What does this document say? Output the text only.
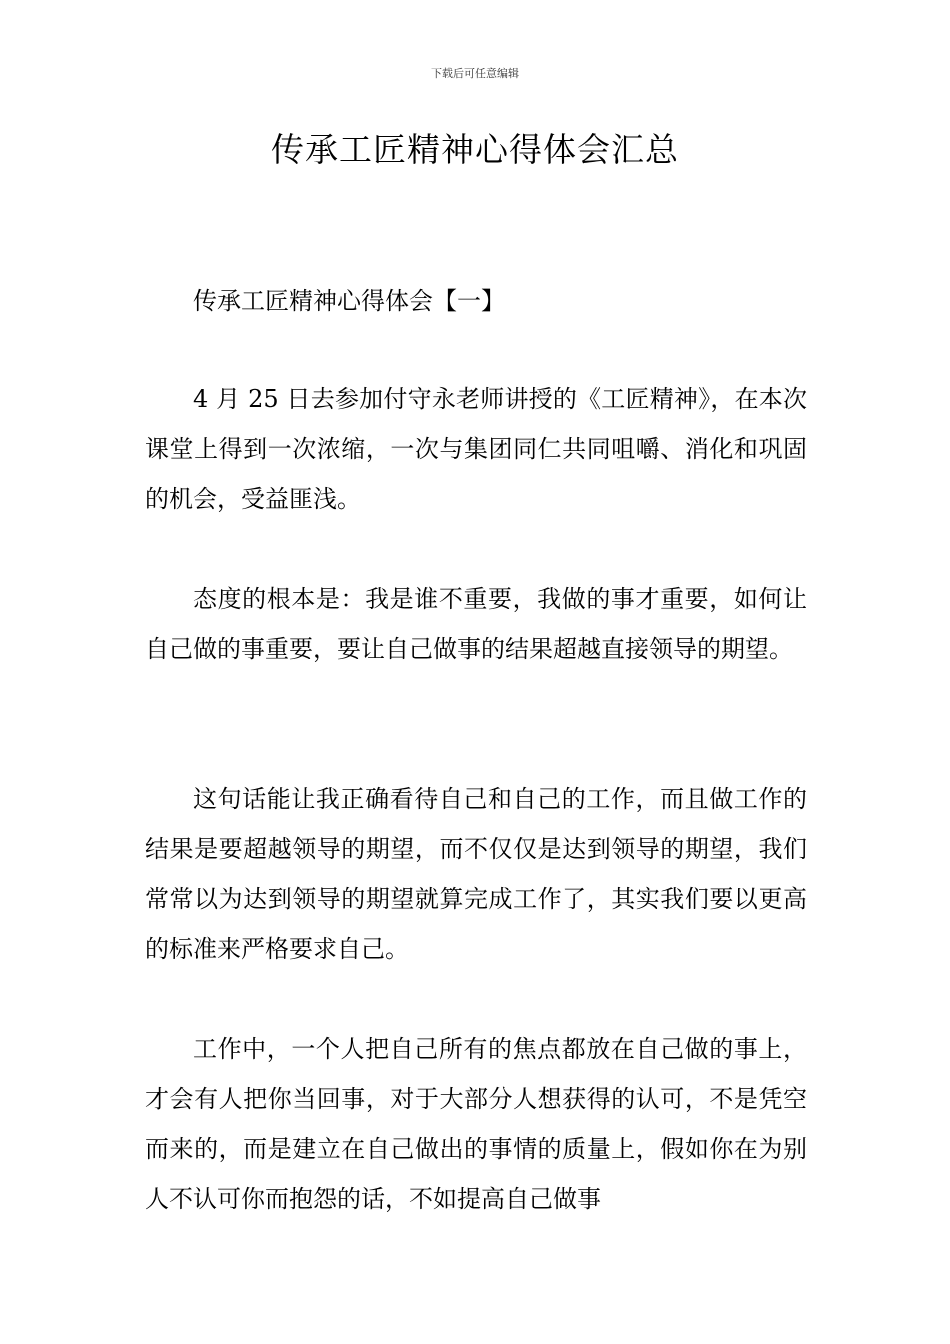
下载后可任意编辑
传承工匠精神心得体会汇总

传承工匠精神心得体会【一】

4 月 25 日去参加付守永老师讲授的《工匠精神》，在本次课堂上得到一次浓缩，一次与集团同仁共同咀嚼、消化和巩固的机会，受益匪浅。

态度的根本是：我是谁不重要，我做的事才重要，如何让自己做的事重要，要让自己做事的结果超越直接领导的期望。

这句话能让我正确看待自己和自己的工作，而且做工作的结果是要超越领导的期望，而不仅仅是达到领导的期望，我们常常以为达到领导的期望就算完成工作了，其实我们要以更高的标准来严格要求自己。

工作中，一个人把自己所有的焦点都放在自己做的事上，才会有人把你当回事，对于大部分人想获得的认可，不是凭空而来的，而是建立在自己做出的事情的质量上，假如你在为别人不认可你而抱怨的话，不如提高自己做事
